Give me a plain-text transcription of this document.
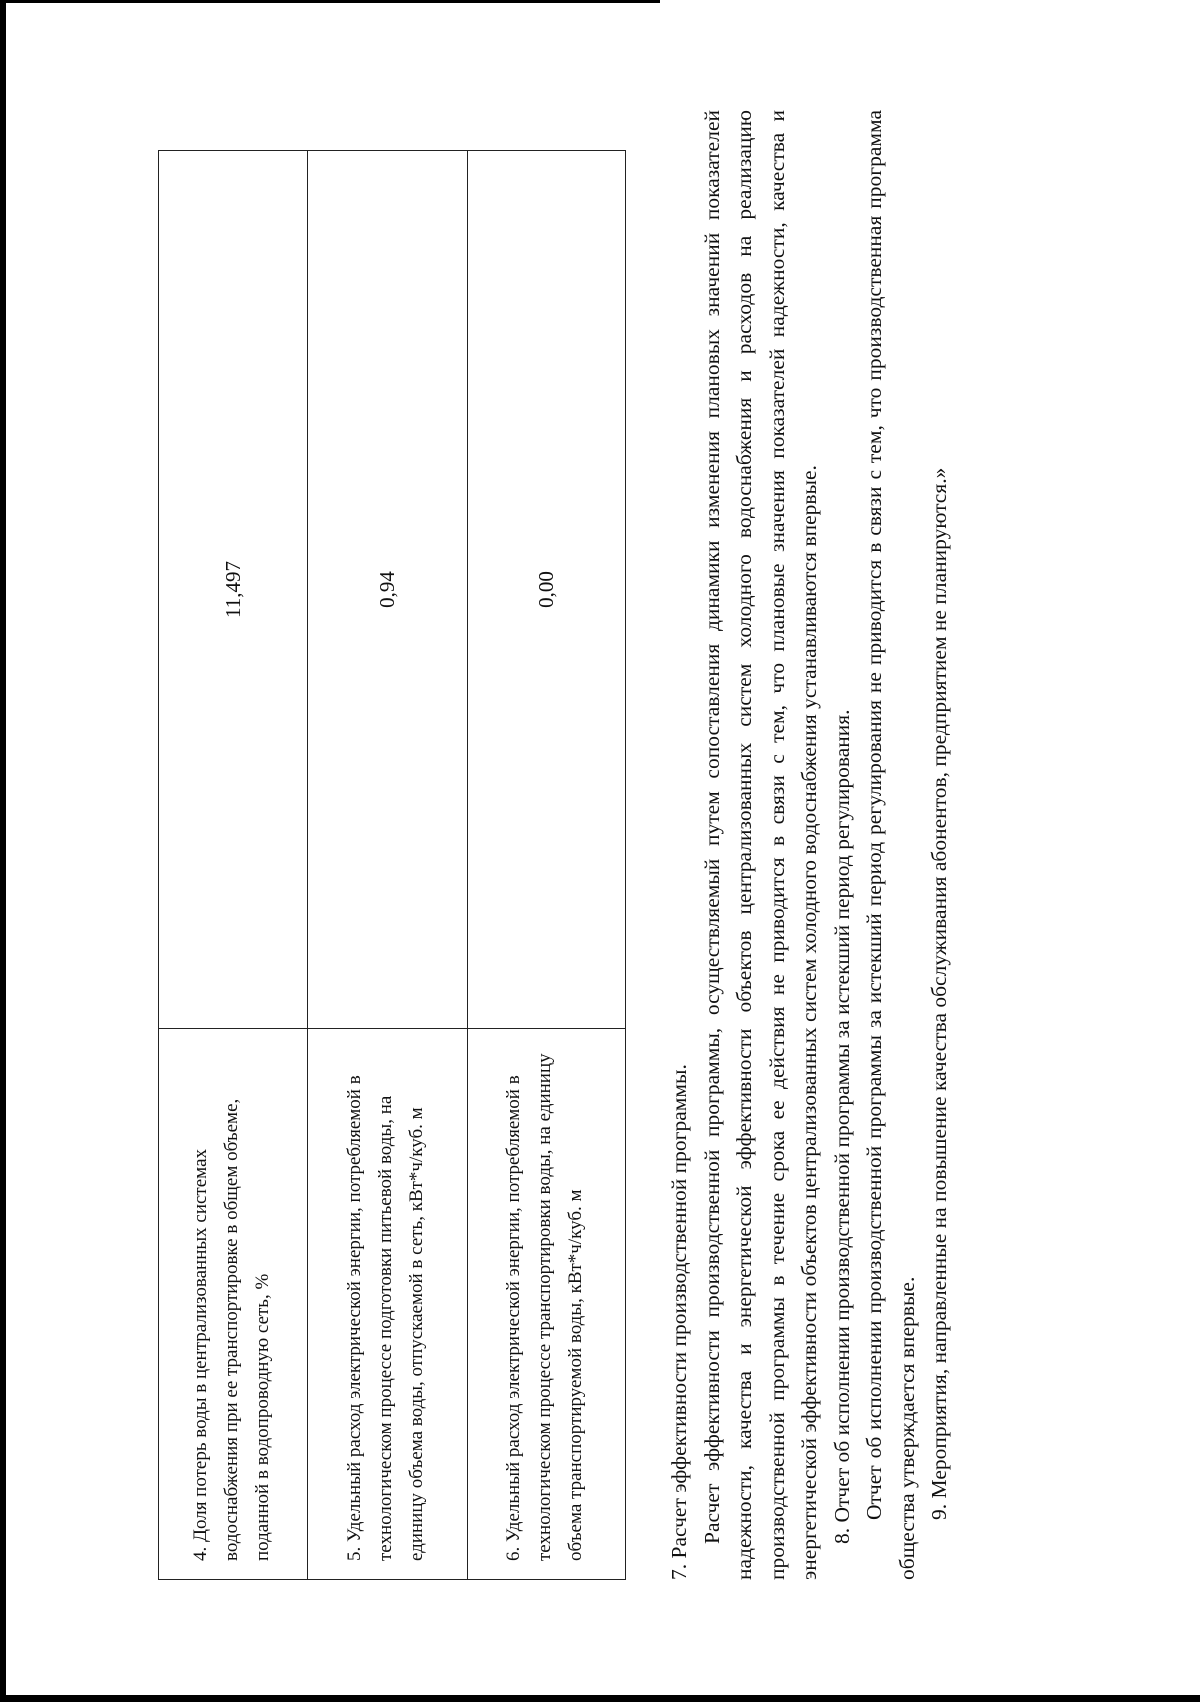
4. Доля потерь воды в централизованных системах водоснабжения при ее транспортировке в общем объеме, поданной в водопроводную сеть, %	11,497
5. Удельный расход электрической энергии, потребляемой в технологическом процессе подготовки питьевой воды, на единицу объема воды, отпускаемой в сеть, кВт*ч/куб. м	0,94
6. Удельный расход электрической энергии, потребляемой в технологическом процессе транспортировки воды, на единицу объема транспортируемой воды, кВт*ч/куб. м	0,00

7. Расчет эффективности производственной программы. Расчет эффективности производственной программы, осуществляемый путем сопоставления динамики изменения плановых значений показателей надежности, качества и энергетической эффективности объектов централизованных систем холодного водоснабжения и расходов на реализацию производственной программы в течение срока ее действия не приводится в связи с тем, что плановые значения показателей надежности, качества и энергетической эффективности объектов централизованных систем холодного водоснабжения устанавливаются впервые. 8. Отчет об исполнении производственной программы за истекший период регулирования. Отчет об исполнении производственной программы за истекший период регулирования не приводится в связи с тем, что производственная программа общества утверждается впервые. 9. Мероприятия, направленные на повышение качества обслуживания абонентов, предприятием не планируются.»
